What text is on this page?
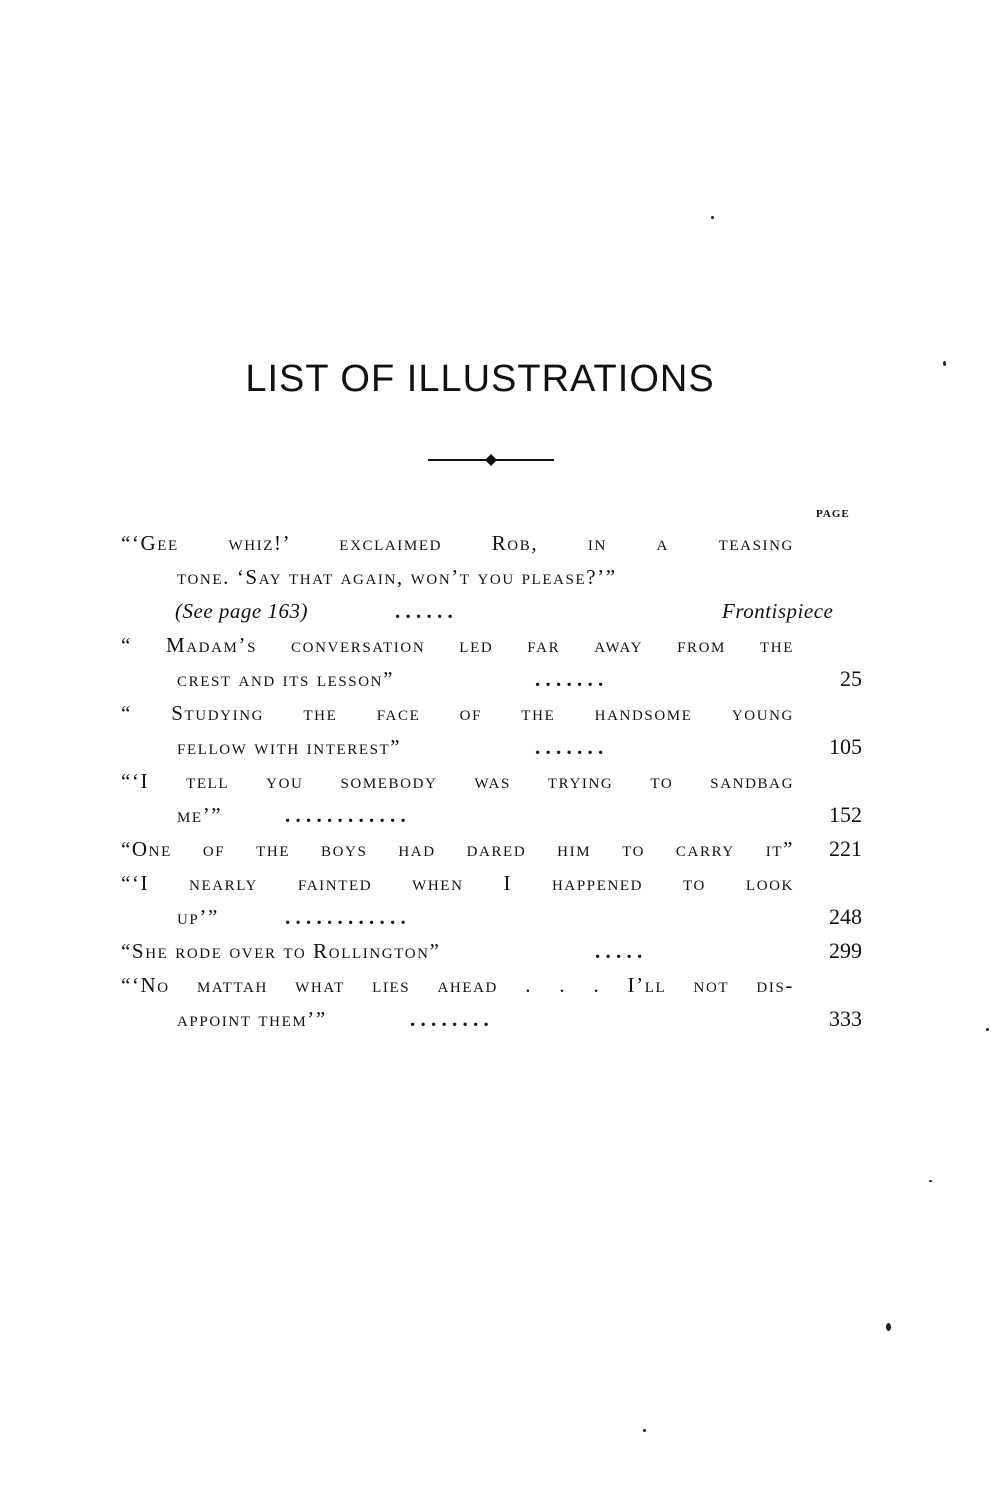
LIST OF ILLUSTRATIONS
PAGE
“‘Gee whiz!’ exclaimed Rob, in a teasing
tone. ‘Say that again, won’t you please?’”
(See page 163)	. . . . . .	Frontispiece
“ Madam’s conversation led far away from the
crest and its lesson”	. . . . . . .	25
“ Studying the face of the handsome young
fellow with interest”	. . . . . . .	105
“‘I tell you somebody was trying to sandbag
me’”	. . . . . . . . . . . .	152
“One of the boys had dared him to carry it”	221
“‘I nearly fainted when I happened to look
up’”	. . . . . . . . . . . .	248
“She rode over to Rollington”	. . . . .	299
“‘No mattah what lies ahead . . . I’ll not dis-
appoint them’”	. . . . . . . .	333
